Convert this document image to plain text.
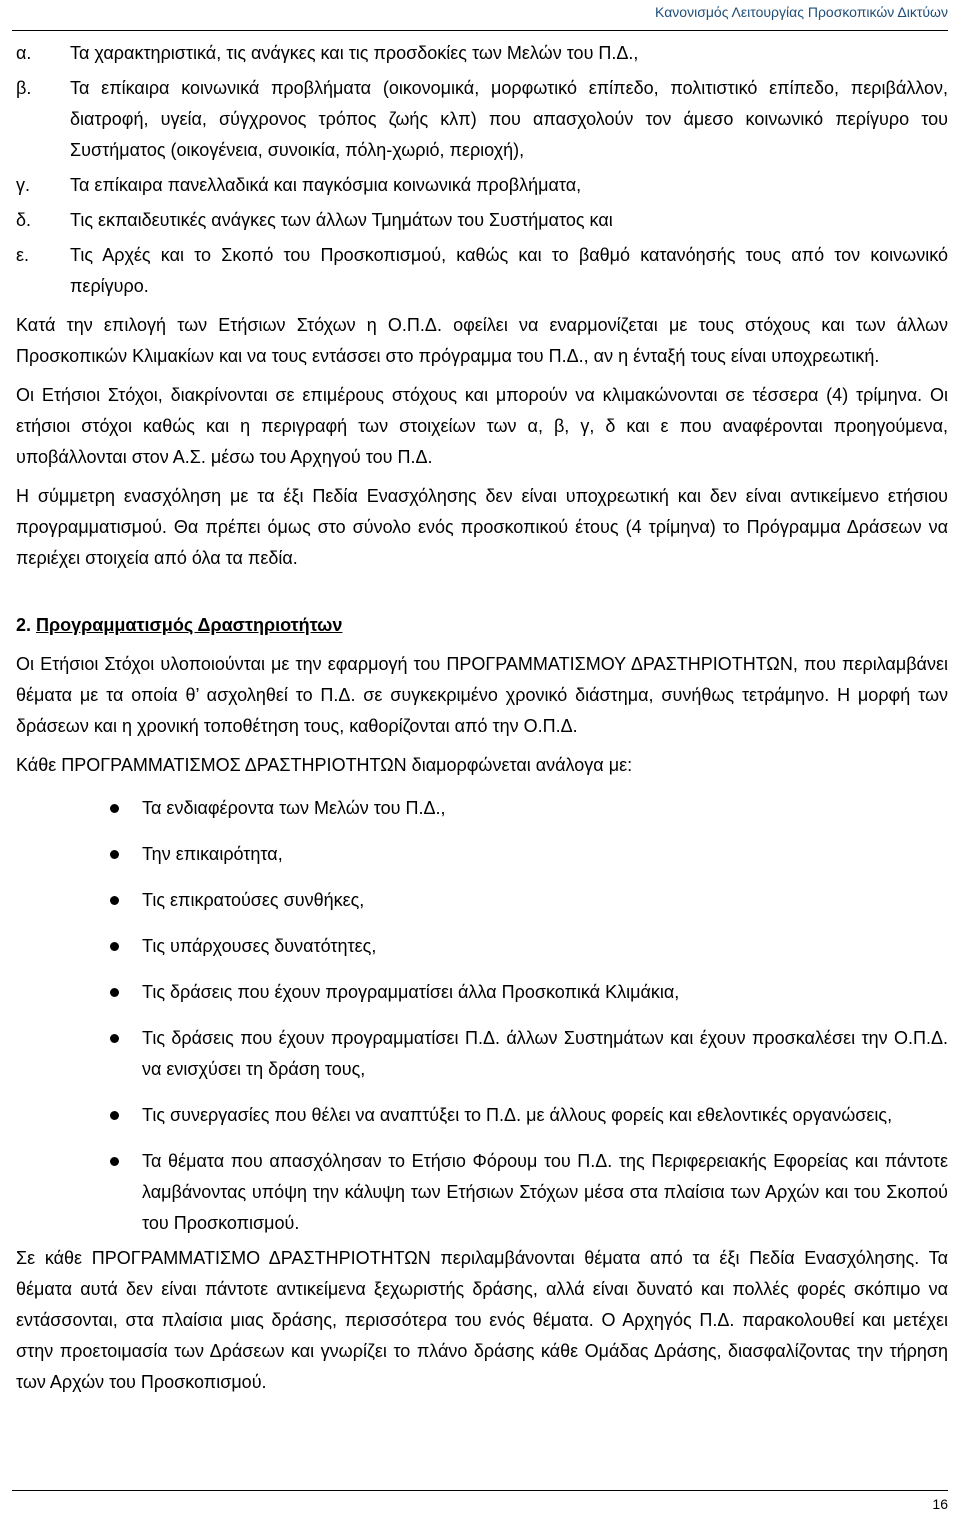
Κανονισμός Λειτουργίας Προσκοπικών Δικτύων
α. Τα χαρακτηριστικά, τις ανάγκες και τις προσδοκίες των Μελών του Π.Δ.,
β. Τα επίκαιρα κοινωνικά προβλήματα (οικονομικά, μορφωτικό επίπεδο, πολιτιστικό επίπεδο, περιβάλλον, διατροφή, υγεία, σύγχρονος τρόπος ζωής κλπ) που απασχολούν τον άμεσο κοινωνικό περίγυρο του Συστήματος (οικογένεια, συνοικία, πόλη-χωριό, περιοχή),
γ. Τα επίκαιρα πανελλαδικά και παγκόσμια κοινωνικά προβλήματα,
δ. Τις εκπαιδευτικές ανάγκες των άλλων Τμημάτων του Συστήματος και
ε. Τις Αρχές και το Σκοπό του Προσκοπισμού, καθώς και το βαθμό κατανόησής τους από τον κοινωνικό περίγυρο.

Κατά την επιλογή των Ετήσιων Στόχων η Ο.Π.Δ. οφείλει να εναρμονίζεται με τους στόχους και των άλλων Προσκοπικών Κλιμακίων και να τους εντάσσει στο πρόγραμμα του Π.Δ., αν η ένταξή τους είναι υποχρεωτική.

Οι Ετήσιοι Στόχοι, διακρίνονται σε επιμέρους στόχους και μπορούν να κλιμακώνονται σε τέσσερα (4) τρίμηνα. Οι ετήσιοι στόχοι καθώς και η περιγραφή των στοιχείων των α, β, γ, δ και ε που αναφέρονται προηγούμενα, υποβάλλονται στον Α.Σ. μέσω του Αρχηγού του Π.Δ.

Η σύμμετρη ενασχόληση με τα έξι Πεδία Ενασχόλησης δεν είναι υποχρεωτική και δεν είναι αντικείμενο ετήσιου προγραμματισμού. Θα πρέπει όμως στο σύνολο ενός προσκοπικού έτους (4 τρίμηνα) το Πρόγραμμα Δράσεων να περιέχει στοιχεία από όλα τα πεδία.

2. Προγραμματισμός Δραστηριοτήτων

Οι Ετήσιοι Στόχοι υλοποιούνται με την εφαρμογή του ΠΡΟΓΡΑΜΜΑΤΙΣΜΟΥ ΔΡΑΣΤΗΡΙΟΤΗΤΩΝ, που περιλαμβάνει θέματα με τα οποία θ’ ασχοληθεί το Π.Δ. σε συγκεκριμένο χρονικό διάστημα, συνήθως τετράμηνο. Η μορφή των δράσεων και η χρονική τοποθέτηση τους, καθορίζονται από την Ο.Π.Δ.

Κάθε ΠΡΟΓΡΑΜΜΑΤΙΣΜΟΣ ΔΡΑΣΤΗΡΙΟΤΗΤΩΝ διαμορφώνεται ανάλογα με:

Τα ενδιαφέροντα των Μελών του Π.Δ.,
Την επικαιρότητα,
Τις επικρατούσες συνθήκες,
Τις υπάρχουσες δυνατότητες,
Τις δράσεις που έχουν προγραμματίσει άλλα Προσκοπικά Κλιμάκια,
Τις δράσεις που έχουν προγραμματίσει Π.Δ. άλλων Συστημάτων και έχουν προσκαλέσει την Ο.Π.Δ. να ενισχύσει τη δράση τους,
Τις συνεργασίες που θέλει να αναπτύξει το Π.Δ. με άλλους φορείς και εθελοντικές οργανώσεις,
Τα θέματα που απασχόλησαν το Ετήσιο Φόρουμ του Π.Δ. της Περιφερειακής Εφορείας και πάντοτε λαμβάνοντας υπόψη την κάλυψη των Ετήσιων Στόχων μέσα στα πλαίσια των Αρχών και του Σκοπού του Προσκοπισμού.

Σε κάθε ΠΡΟΓΡΑΜΜΑΤΙΣΜΟ ΔΡΑΣΤΗΡΙΟΤΗΤΩΝ περιλαμβάνονται θέματα από τα έξι Πεδία Ενασχόλησης. Τα θέματα αυτά δεν είναι πάντοτε αντικείμενα ξεχωριστής δράσης, αλλά είναι δυνατό και πολλές φορές σκόπιμο να εντάσσονται, στα πλαίσια μιας δράσης, περισσότερα του ενός θέματα. Ο Αρχηγός Π.Δ. παρακολουθεί και μετέχει στην προετοιμασία των Δράσεων και γνωρίζει το πλάνο δράσης κάθε Ομάδας Δράσης, διασφαλίζοντας την τήρηση των Αρχών του Προσκοπισμού.

16
